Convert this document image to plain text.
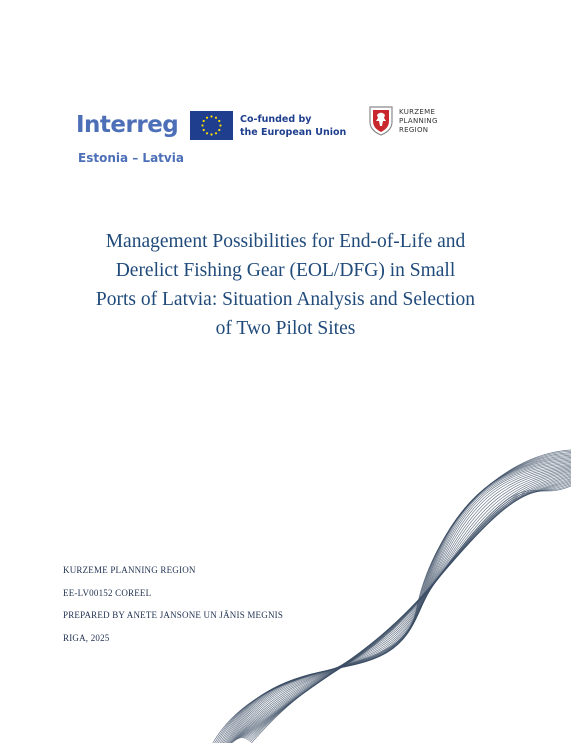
Interreg
Estonia – Latvia
Co-funded by
the European Union
KURZEME
PLANNING
REGION
Management Possibilities for End-of-Life and
Derelict Fishing Gear (EOL/DFG) in Small
Ports of Latvia: Situation Analysis and Selection
of Two Pilot Sites
KURZEME PLANNING REGION
EE-LV00152 COREEL
PREPARED BY ANETE JANSONE UN JĀNIS MEGNIS
RIGA, 2025
